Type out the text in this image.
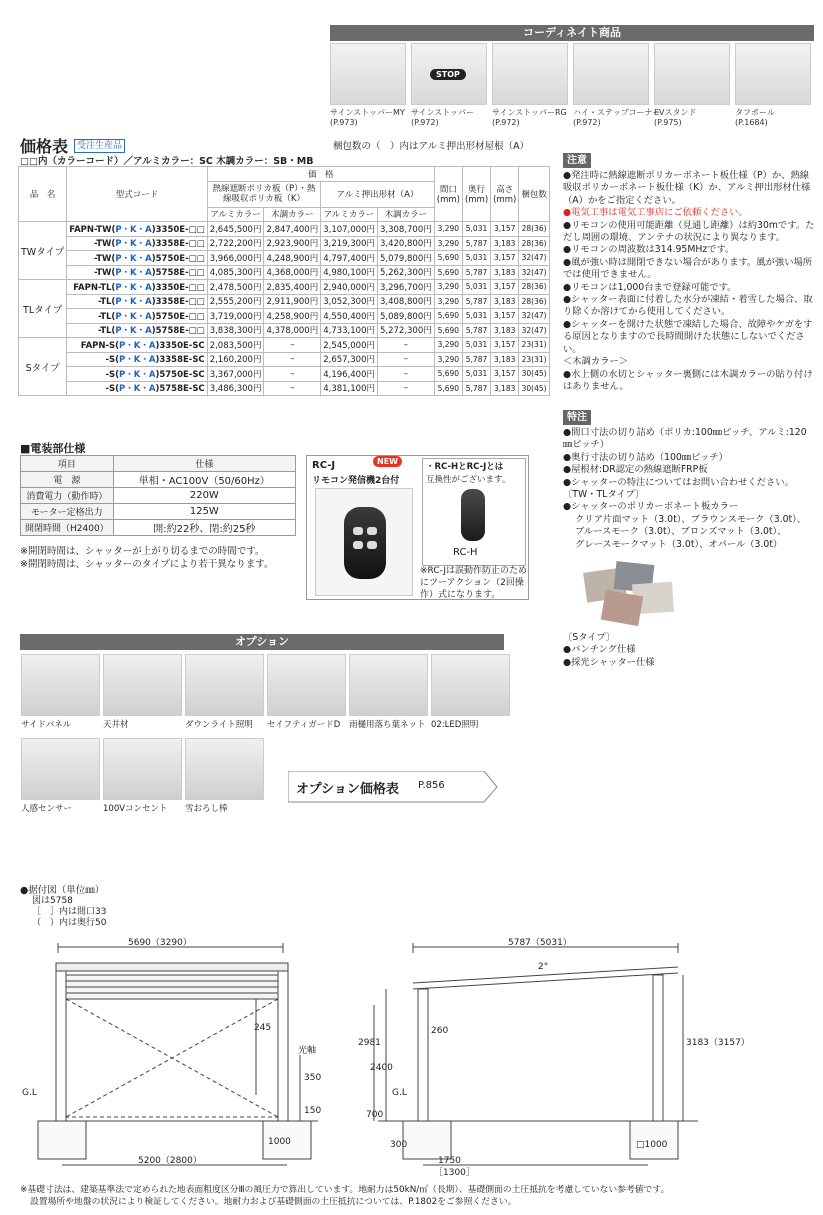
コーディネイト商品
サインストッパーMY
(P.973)
STOP
サインストッパー
(P.972)
サインストッパーRG
(P.972)
ハイ・ステップコーナー
(P.972)
EVスタンド
(P.975)
タフポール
(P.1684)
価格表	受注生産品	梱包数の（　）内はアルミ押出形材屋根（A）
□□内（カラーコード）／アルミカラー：SC 木調カラー：SB・MB
品　名	型式コード	価　格				間口(mm)	奥行(mm)	高さ(mm)	梱包数
		熱線遮断ポリカ板（P）・熱線吸収ポリカ板（K）		アルミ押出形材（A）					
		アルミカラー	木調カラー	アルミカラー	木調カラー				
TWタイプ	FAPN-TW(P・K・A)3350E-□□	2,645,500円	2,847,400円	3,107,000円	3,308,700円	3,290	5,031	3,157	28(36)
	-TW(P・K・A)3358E-□□	2,722,200円	2,923,900円	3,219,300円	3,420,800円	3,290	5,787	3,183	28(36)
	-TW(P・K・A)5750E-□□	3,966,000円	4,248,900円	4,797,400円	5,079,800円	5,690	5,031	3,157	32(47)
	-TW(P・K・A)5758E-□□	4,085,300円	4,368,000円	4,980,100円	5,262,300円	5,690	5,787	3,183	32(47)
TLタイプ	FAPN-TL(P・K・A)3350E-□□	2,478,500円	2,835,400円	2,940,000円	3,296,700円	3,290	5,031	3,157	28(36)
	-TL(P・K・A)3358E-□□	2,555,200円	2,911,900円	3,052,300円	3,408,800円	3,290	5,787	3,183	28(36)
	-TL(P・K・A)5750E-□□	3,719,000円	4,258,900円	4,550,400円	5,089,800円	5,690	5,031	3,157	32(47)
	-TL(P・K・A)5758E-□□	3,838,300円	4,378,000円	4,733,100円	5,272,300円	5,690	5,787	3,183	32(47)
Sタイプ	FAPN-S(P・K・A)3350E-SC	2,083,500円	–	2,545,000円	–	3,290	5,031	3,157	23(31)
	-S(P・K・A)3358E-SC	2,160,200円	–	2,657,300円	–	3,290	5,787	3,183	23(31)
	-S(P・K・A)5750E-SC	3,367,000円	–	4,196,400円	–	5,690	5,031	3,157	30(45)
	-S(P・K・A)5758E-SC	3,486,300円	–	4,381,100円	–	5,690	5,787	3,183	30(45)
注意
●発注時に熱線遮断ポリカーボネート板仕様（P）か、熱線吸収ポリカーボネート板仕様（K）か、アルミ押出形材仕様（A）かをご指定ください。
●電気工事は電気工事店にご依頼ください。
●リモコンの使用可能距離（見通し距離）は約30mです。ただし周囲の環境、アンテナの状況により異なります。
●リモコンの周波数は314.95MHzです。
●風が強い時は開閉できない場合があります。風が強い場所では使用できません。
●リモコンは1,000台まで登録可能です。
●シャッター表面に付着した水分が凍結・着雪した場合、取り除くか溶けてから使用してください。
●シャッターを開けた状態で凍結した場合、故障やケガをする原因となりますので長時間開けた状態にしないでください。
＜木調カラー＞
●水上側の水切とシャッター裏側には木調カラーの貼り付けはありません。
特注
●間口寸法の切り詰め（ポリカ:100㎜ピッチ、アルミ:120㎜ピッチ）
●奥行寸法の切り詰め（100㎜ピッチ）
●屋根材:DR認定の熱線遮断FRP板
●シャッターの特注についてはお問い合わせください。
〔TW・TLタイプ〕
●シャッターのポリカーボネート板カラー
クリア片面マット（3.0t）、ブラウンスモーク（3.0t）、
ブルースモーク（3.0t）、ブロンズマット（3.0t）、
グレースモークマット（3.0t）、オパール（3.0t）
〔Sタイプ〕
●パンチング仕様
●採光シャッター仕様
■電装部仕様
項目	仕様
電　源	単相・AC100V（50/60Hz）
消費電力（動作時）	220W
モーター定格出力	125W
開閉時間（H2400）	開:約22秒、閉:約25秒
※開閉時間は、シャッターが上がり切るまでの時間です。
※開閉時間は、シャッターのタイプにより若干異なります。
RC-J	NEW
リモコン発信機2台付
・RC-HとRC-Jとは
互換性がございます。
RC-H
※RC-Jは誤動作防止のためにツーアクション（2回操作）式になります。
オプション
サイドパネル	天井材	ダウンライト照明 セイフティガードD 雨樋用落ち葉ネット 02:LED照明
人感センサー	100Vコンセント 雪おろし棒
オプション価格表 P.856
●据付図（単位㎜）
図は5758
［　］内は間口33
（　）内は奥行50
5690（3290）
245
光軸
350
150
G.L
1000
5200（2800）
5787（5031）
2°
260
2981
2400
3183（3157）
700
G.L
300	□1000
1750
［1300］
※基礎寸法は、建築基準法で定められた地表面粗度区分Ⅲの風圧力で算出しています。地耐力は50kN/㎡（長期）、基礎側面の土圧抵抗を考慮していない参考値です。
設置場所や地盤の状況により検証してください。地耐力および基礎側面の土圧抵抗については、P.1802をご参照ください。
